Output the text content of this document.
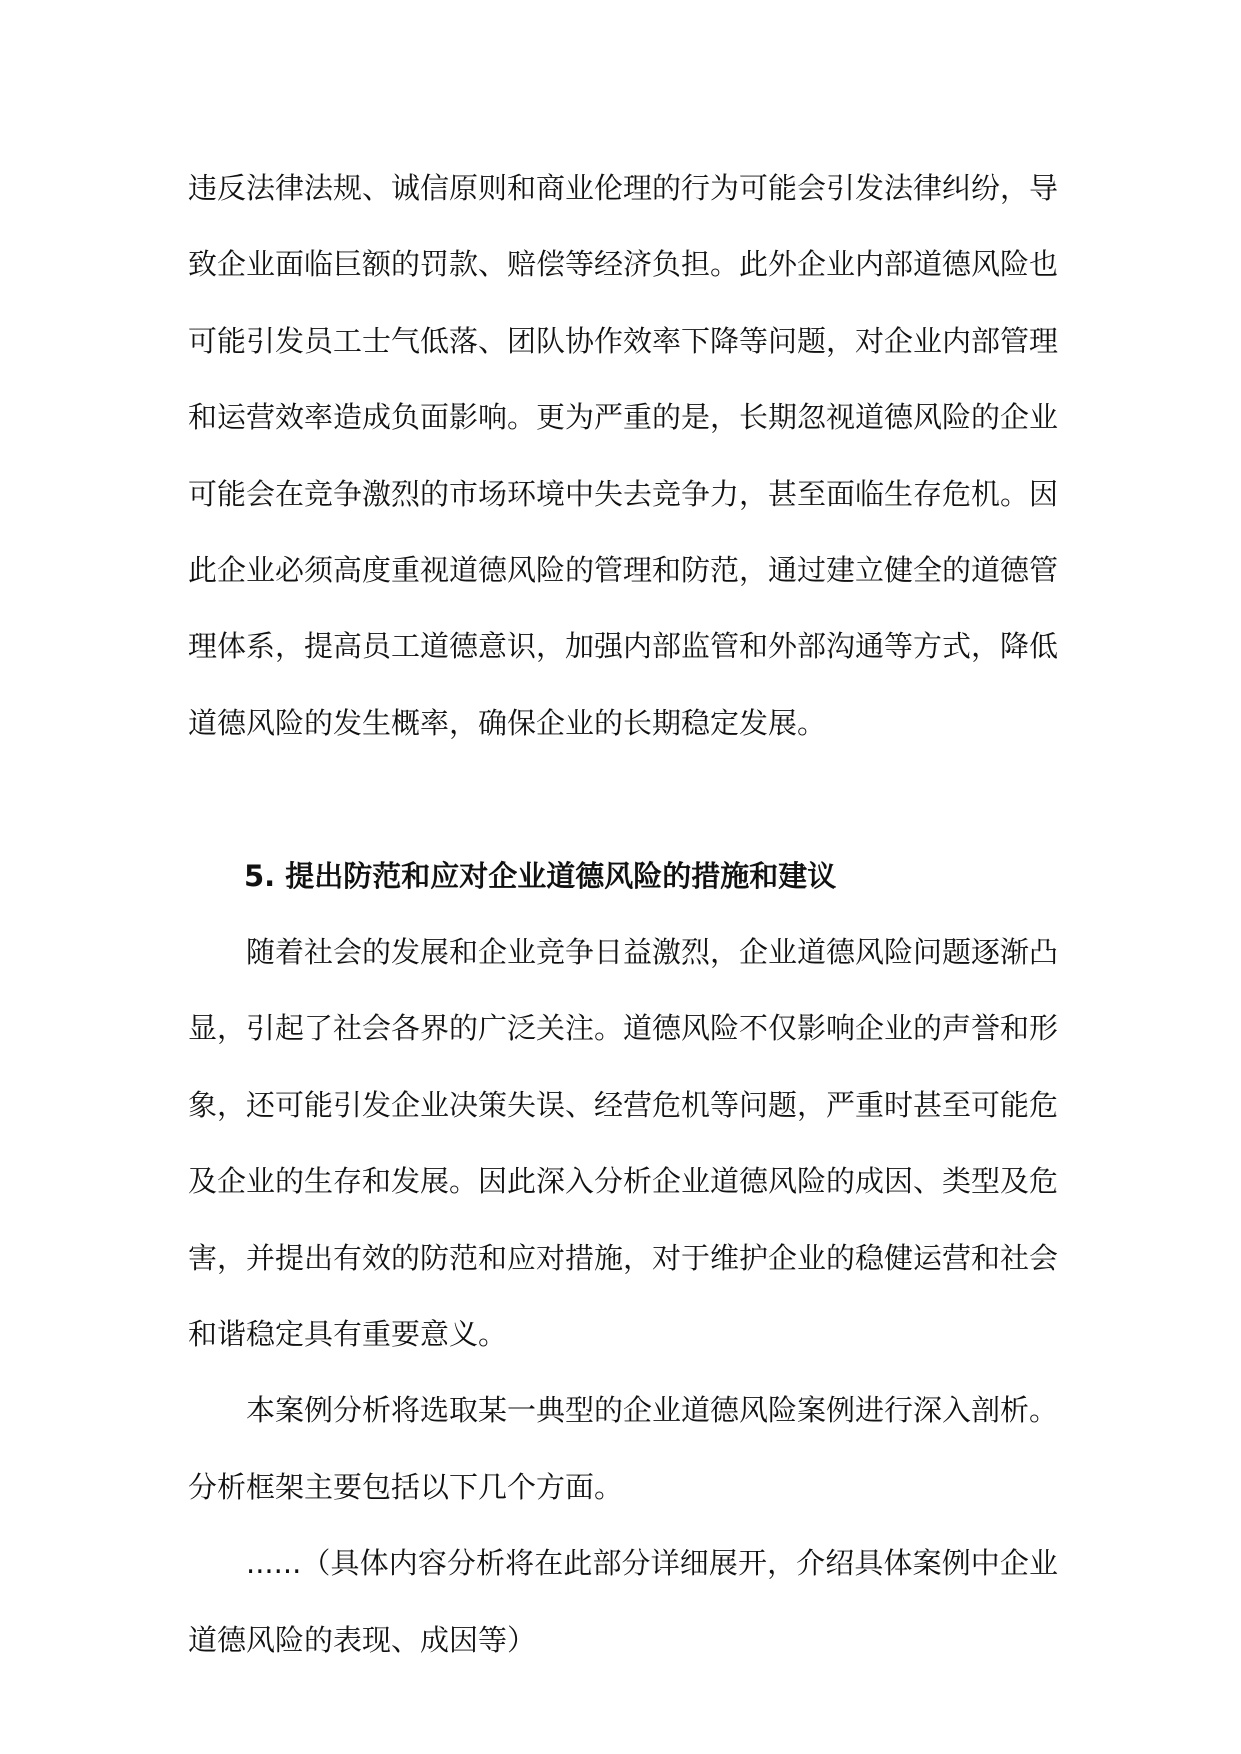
违反法律法规、诚信原则和商业伦理的行为可能会引发法律纠纷，导致企业面临巨额的罚款、赔偿等经济负担。此外企业内部道德风险也可能引发员工士气低落、团队协作效率下降等问题，对企业内部管理和运营效率造成负面影响。更为严重的是，长期忽视道德风险的企业可能会在竞争激烈的市场环境中失去竞争力，甚至面临生存危机。因此企业必须高度重视道德风险的管理和防范，通过建立健全的道德管理体系，提高员工道德意识，加强内部监管和外部沟通等方式，降低道德风险的发生概率，确保企业的长期稳定发展。

5. 提出防范和应对企业道德风险的措施和建议

随着社会的发展和企业竞争日益激烈，企业道德风险问题逐渐凸显，引起了社会各界的广泛关注。道德风险不仅影响企业的声誉和形象，还可能引发企业决策失误、经营危机等问题，严重时甚至可能危及企业的生存和发展。因此深入分析企业道德风险的成因、类型及危害，并提出有效的防范和应对措施，对于维护企业的稳健运营和社会和谐稳定具有重要意义。

本案例分析将选取某一典型的企业道德风险案例进行深入剖析。分析框架主要包括以下几个方面。

......（具体内容分析将在此部分详细展开，介绍具体案例中企业道德风险的表现、成因等）
